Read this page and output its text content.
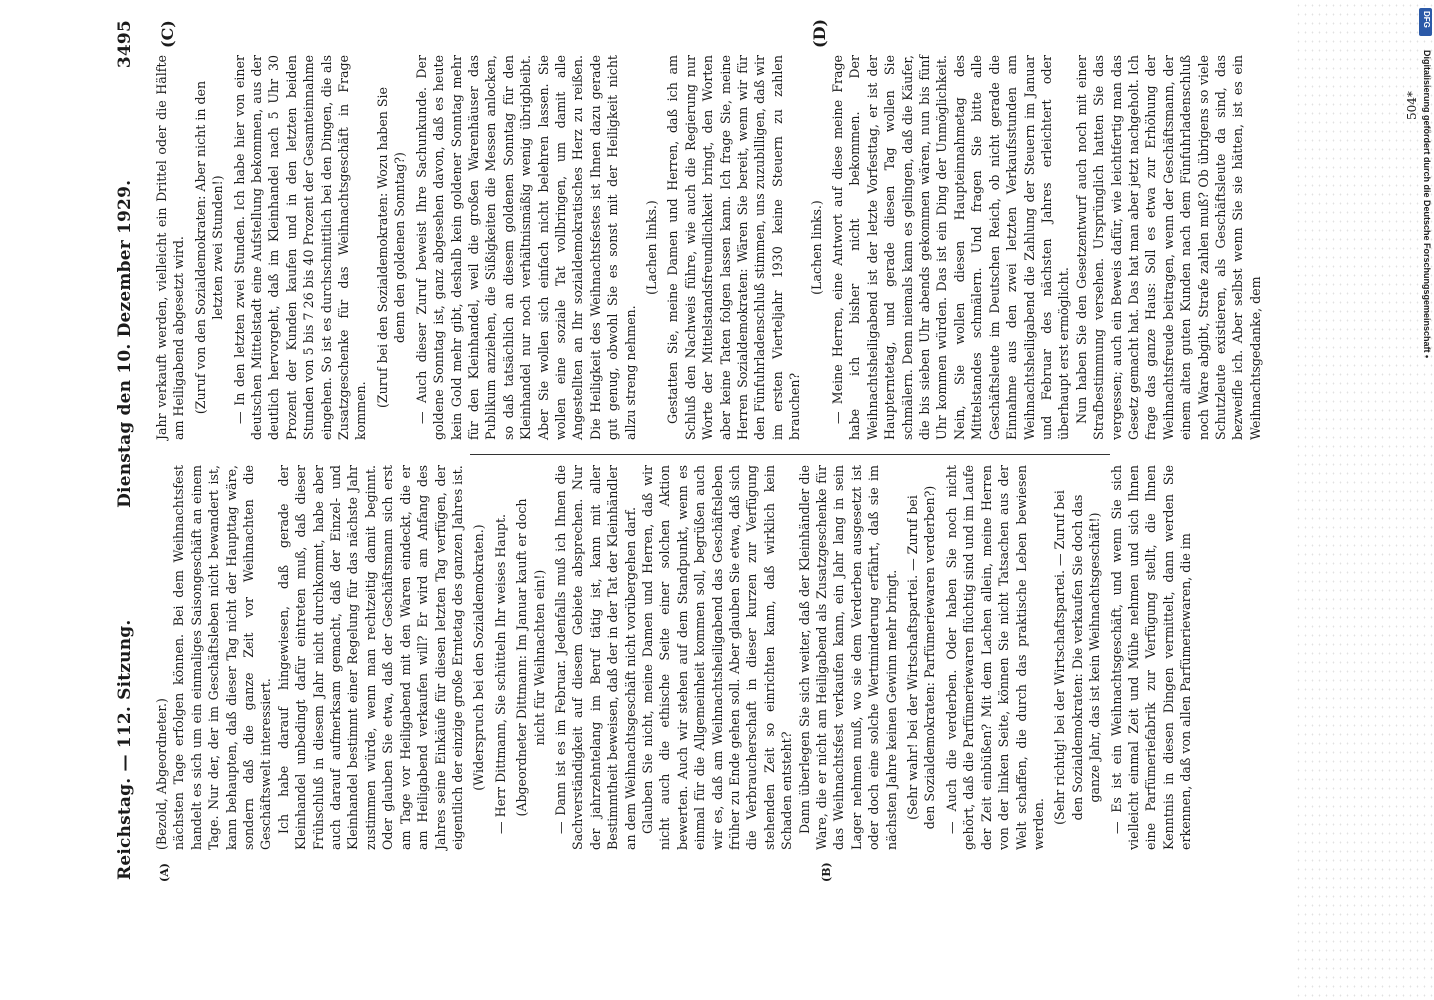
Reichstag. — 112. Sitzung.
Dienstag den 10. Dezember 1929.
3495
(A)	(B)
(C)	(D)

(Bezold, Abgeordneter.) nächsten Tage erfolgen können. Bei dem Weihnachtsfest handelt es sich um ein einmaliges Saisongeschäft an einem Tage. Nur der, der im Geschäftsleben nicht bewandert ist, kann behaupten, daß dieser Tag nicht der Haupttag wäre, sondern daß die ganze Zeit vor Weihnachten die Geschäftswelt interessiert. Ich habe darauf hingewiesen, daß gerade der Kleinhandel unbedingt dafür eintreten muß, daß dieser Frühschluß in diesem Jahr nicht durchkommt, habe aber auch darauf aufmerksam gemacht, daß der Einzel- und Kleinhandel bestimmt einer Regelung für das nächste Jahr zustimmen würde, wenn man rechtzeitig damit beginnt. Oder glauben Sie etwa, daß der Geschäftsmann sich erst am Tage vor Heiligabend mit den Waren eindeckt, die er am Heiligabend verkaufen will? Er wird am Anfang des Jahres seine Einkäufe für diesen letzten Tag verfügen, der eigentlich der einzige große Erntetag des ganzen Jahres ist. (Widerspruch bei den Sozialdemokraten.) — Herr Dittmann, Sie schütteln Ihr weises Haupt. (Abgeordneter Dittmann: Im Januar kauft er doch nicht für Weihnachten ein!) — Dann ist es im Februar. Jedenfalls muß ich Ihnen die Sachverständigkeit auf diesem Gebiete absprechen. Nur der jahrzehntelang im Beruf tätig ist, kann mit aller Bestimmtheit beweisen, daß der in der Tat der Kleinhändler an dem Weihnachtsgeschäft nicht vorübergehen darf. Glauben Sie nicht, meine Damen und Herren, daß wir nicht auch die ethische Seite einer solchen Aktion bewerten. Auch wir stehen auf dem Standpunkt, wenn es einmal für die Allgemeinheit kommen soll, begrüßen auch wir es, daß am Weihnachtsheiligabend das Geschäftsleben früher zu Ende gehen soll. Aber glauben Sie etwa, daß sich die Verbraucherschaft in dieser kurzen zur Verfügung stehenden Zeit so einrichten kann, daß wirklich kein Schaden entsteht? Dann überlegen Sie sich weiter, daß der Kleinhändler die Ware, die er nicht am Heiligabend als Zusatzgeschenke für das Weihnachtsfest verkaufen kann, ein Jahr lang in sein Lager nehmen muß, wo sie dem Verderben ausgesetzt ist oder doch eine solche Wertminderung erfährt, daß sie im nächsten Jahre keinen Gewinn mehr bringt. (Sehr wahr! bei der Wirtschaftspartei. — Zuruf bei den Sozialdemokraten: Parfümeriewaren verderben?) — Auch die verderben. Oder haben Sie noch nicht gehört, daß die Parfümeriewaren flüchtig sind und im Laufe der Zeit einbüßen? Mit dem Lachen allein, meine Herren von der linken Seite, können Sie nicht Tatsachen aus der Welt schaffen, die durch das praktische Leben bewiesen werden. (Sehr richtig! bei der Wirtschaftspartei. — Zuruf bei den Sozialdemokraten: Die verkaufen Sie doch das ganze Jahr, das ist kein Weihnachtsgeschäft!) — Es ist ein Weihnachtsgeschäft, und wenn Sie sich vielleicht einmal Zeit und Mühe nehmen und sich Ihnen eine Parfümeriefabrik zur Verfügung stellt, die Ihnen Kenntnis in diesen Dingen vermittelt, dann werden Sie erkennen, daß von allen Parfümeriewaren, die im

Jahr verkauft werden, vielleicht ein Drittel oder die Hälfte am Heiligabend abgesetzt wird. (Zuruf von den Sozialdemokraten: Aber nicht in den letzten zwei Stunden!) — In den letzten zwei Stunden. Ich habe hier von einer deutschen Mittelstadt eine Aufstellung bekommen, aus der deutlich hervorgeht, daß im Kleinhandel nach 5 Uhr 30 Prozent der Kunden kaufen und in den letzten beiden Stunden von 5 bis 7 26 bis 40 Prozent der Gesamteinnahme eingehen. So ist es durchschnittlich bei den Dingen, die als Zusatzgeschenke für das Weihnachtsgeschäft in Frage kommen.

(Zuruf bei den Sozialdemokraten: Wozu haben Sie denn den goldenen Sonntag?) — Auch dieser Zuruf beweist Ihre Sachunkunde. Der goldene Sonntag ist, ganz abgesehen davon, daß es heute kein Gold mehr gibt, deshalb kein goldener Sonntag mehr für den Kleinhandel, weil die großen Warenhäuser das Publikum anziehen, die Süßigkeiten die Messen anlocken, so daß tatsächlich an diesem goldenen Sonntag für den Kleinhandel nur noch verhältnismäßig wenig übrigbleibt. Aber Sie wollen sich einfach nicht belehren lassen. Sie wollen eine soziale Tat vollbringen, um damit alle Angestellten an Ihr sozialdemokratisches Herz zu reißen. Die Heiligkeit des Weihnachtsfestes ist Ihnen dazu gerade gut genug, obwohl Sie es sonst mit der Heiligkeit nicht allzu streng nehmen.

(Lachen links.) Gestatten Sie, meine Damen und Herren, daß ich am Schluß den Nachweis führe, wie auch die Regierung nur Worte der Mittelstandsfreundlichkeit bringt, den Worten aber keine Taten folgen lassen kann. Ich frage Sie, meine Herren Sozialdemokraten: Wären Sie bereit, wenn wir für den Fünfuhrladenschluß stimmen, uns zuzubilligen, daß wir im ersten Vierteljahr 1930 keine Steuern zu zahlen brauchen?

(Lachen links.) — Meine Herren, eine Antwort auf diese meine Frage habe ich bisher nicht bekommen. Der Weihnachtsheiligabend ist der letzte Vorfesttag, er ist der Haupterntetag, und gerade diesen Tag wollen Sie schmälern. Denn niemals kann es gelingen, daß die Käufer, die bis sieben Uhr abends gekommen wären, nun bis fünf Uhr kommen würden. Das ist ein Ding der Unmöglichkeit. Nein, Sie wollen diesen Haupteinnahmetag des Mittelstandes schmälern. Und fragen Sie bitte alle Geschäftsleute im Deutschen Reich, ob nicht gerade die Einnahme aus den zwei letzten Verkaufsstunden am Weihnachtsheiligabend die Zahlung der Steuern im Januar und Februar des nächsten Jahres erleichtert oder überhaupt erst ermöglicht. Nun haben Sie den Gesetzentwurf auch noch mit einer Strafbestimmung versehen. Ursprünglich hatten Sie das vergessen; auch ein Beweis dafür, wie leichtfertig man das Gesetz gemacht hat. Das hat man aber jetzt nachgeholt. Ich frage das ganze Haus: Soll es etwa zur Erhöhung der Weihnachtsfreude beitragen, wenn der Geschäftsmann, der einem alten guten Kunden nach dem Fünfuhrladenschluß noch Ware abgibt, Strafe zahlen muß? Ob übrigens so viele Schutzleute existieren, als Geschäftsleute da sind, das bezweifle ich. Aber selbst wenn Sie sie hätten, ist es ein Weihnachtsgedanke, dem

504*
DFG
Digitalisierung gefördert durch die Deutsche Forschungsgemeinschaft •
